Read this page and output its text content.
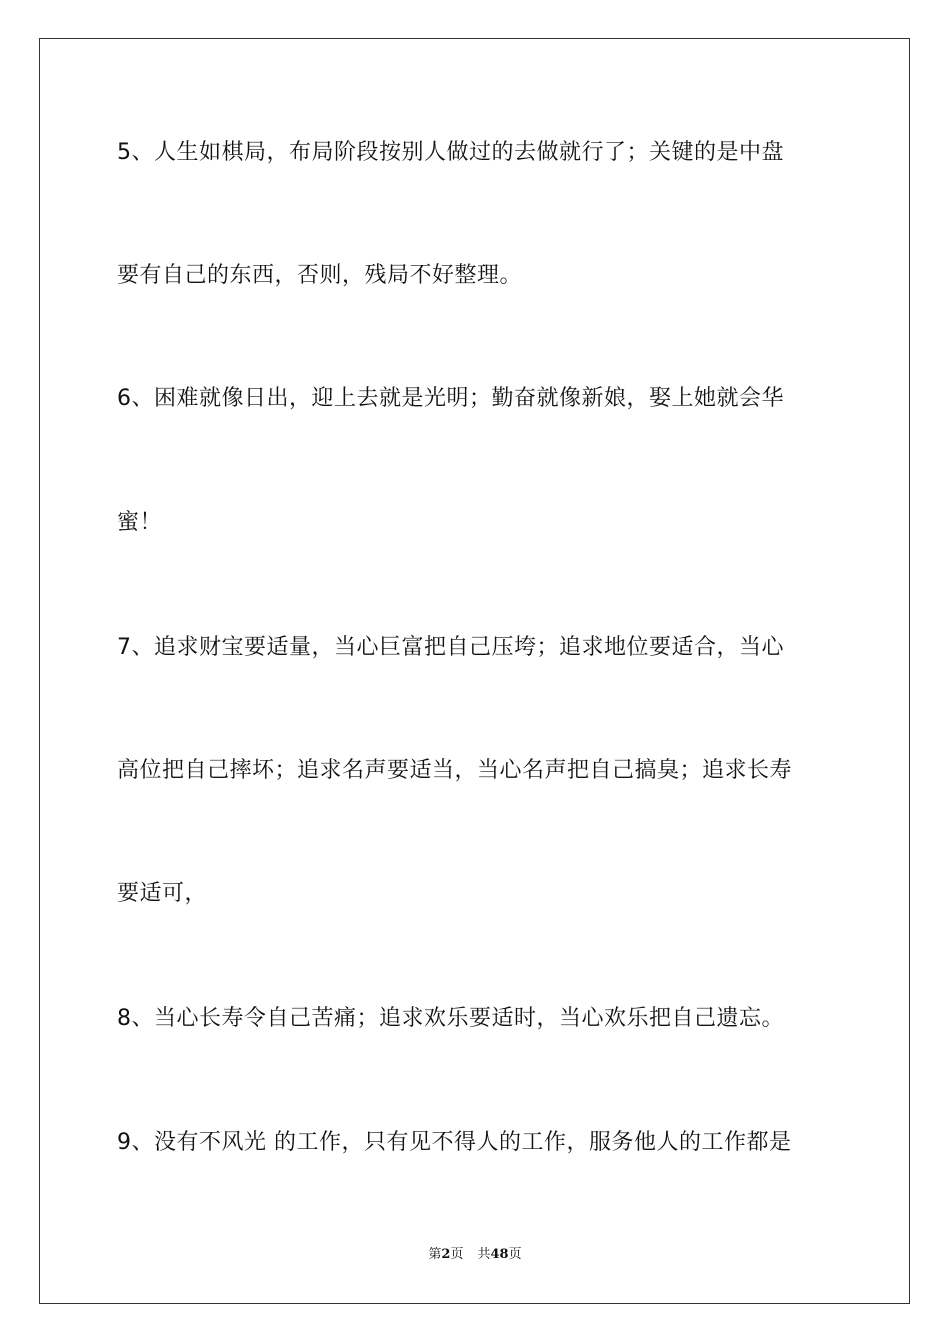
5、人生如棋局，布局阶段按别人做过的去做就行了；关键的是中盘
要有自己的东西，否则，残局不好整理。
6、困难就像日出，迎上去就是光明；勤奋就像新娘，娶上她就会华
蜜！
7、追求财宝要适量，当心巨富把自己压垮；追求地位要适合，当心
高位把自己摔坏；追求名声要适当，当心名声把自己搞臭；追求长寿
要适可，
8、当心长寿令自己苦痛；追求欢乐要适时，当心欢乐把自己遗忘。
9、没有不风光 的工作，只有见不得人的工作，服务他人的工作都是
第2页 共48页
